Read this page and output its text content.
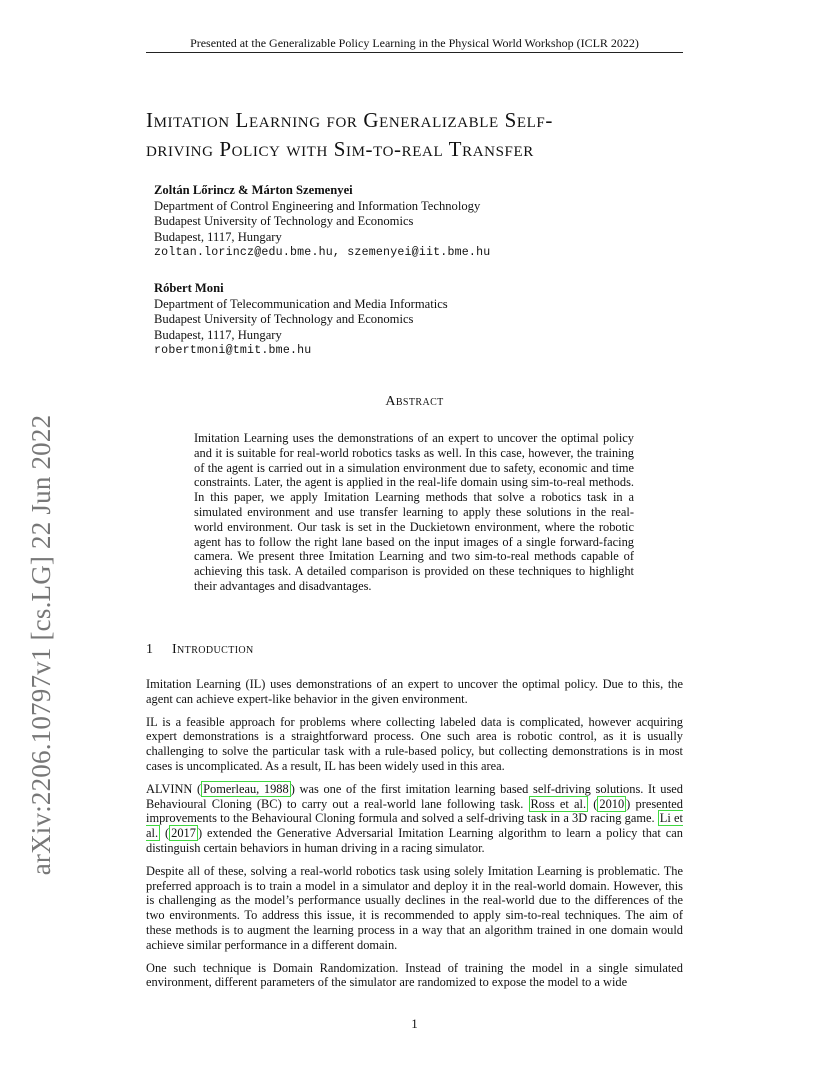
Presented at the Generalizable Policy Learning in the Physical World Workshop (ICLR 2022)
arXiv:2206.10797v1 [cs.LG] 22 Jun 2022
Imitation Learning for Generalizable Self-
driving Policy with Sim-to-real Transfer
Zoltán Lőrincz & Márton Szemenyei
Department of Control Engineering and Information Technology
Budapest University of Technology and Economics
Budapest, 1117, Hungary
zoltan.lorincz@edu.bme.hu, szemenyei@iit.bme.hu
Róbert Moni
Department of Telecommunication and Media Informatics
Budapest University of Technology and Economics
Budapest, 1117, Hungary
robertmoni@tmit.bme.hu
Abstract

Imitation Learning uses the demonstrations of an expert to uncover the optimal policy and it is suitable for real-world robotics tasks as well. In this case, however, the training of the agent is carried out in a simulation environment due to safety, economic and time constraints. Later, the agent is applied in the real-life domain using sim-to-real methods. In this paper, we apply Imitation Learning methods that solve a robotics task in a simulated environment and use transfer learning to apply these solutions in the real-world environment. Our task is set in the Duckietown environment, where the robotic agent has to follow the right lane based on the input images of a single forward-facing camera. We present three Imitation Learning and two sim-to-real methods capable of achieving this task. A detailed comparison is provided on these techniques to highlight their advantages and disadvantages.

1 Introduction

Imitation Learning (IL) uses demonstrations of an expert to uncover the optimal policy. Due to this, the agent can achieve expert-like behavior in the given environment.

IL is a feasible approach for problems where collecting labeled data is complicated, however acquiring expert demonstrations is a straightforward process. One such area is robotic control, as it is usually challenging to solve the particular task with a rule-based policy, but collecting demonstrations is in most cases is uncomplicated. As a result, IL has been widely used in this area.

ALVINN ( Pomerleau, 1988 ) was one of the first imitation learning based self-driving solutions. It used Behavioural Cloning (BC) to carry out a real-world lane following task. Ross et al. ( 2010 ) presented improvements to the Behavioural Cloning formula and solved a self-driving task in a 3D racing game. Li et al. ( 2017 ) extended the Generative Adversarial Imitation Learning algorithm to learn a policy that can distinguish certain behaviors in human driving in a racing simulator.

Despite all of these, solving a real-world robotics task using solely Imitation Learning is problematic. The preferred approach is to train a model in a simulator and deploy it in the real-world domain. However, this is challenging as the model’s performance usually declines in the real-world due to the differences of the two environments. To address this issue, it is recommended to apply sim-to-real techniques. The aim of these methods is to augment the learning process in a way that an algorithm trained in one domain would achieve similar performance in a different domain.

One such technique is Domain Randomization. Instead of training the model in a single simulated environment, different parameters of the simulator are randomized to expose the model to a wide

1
